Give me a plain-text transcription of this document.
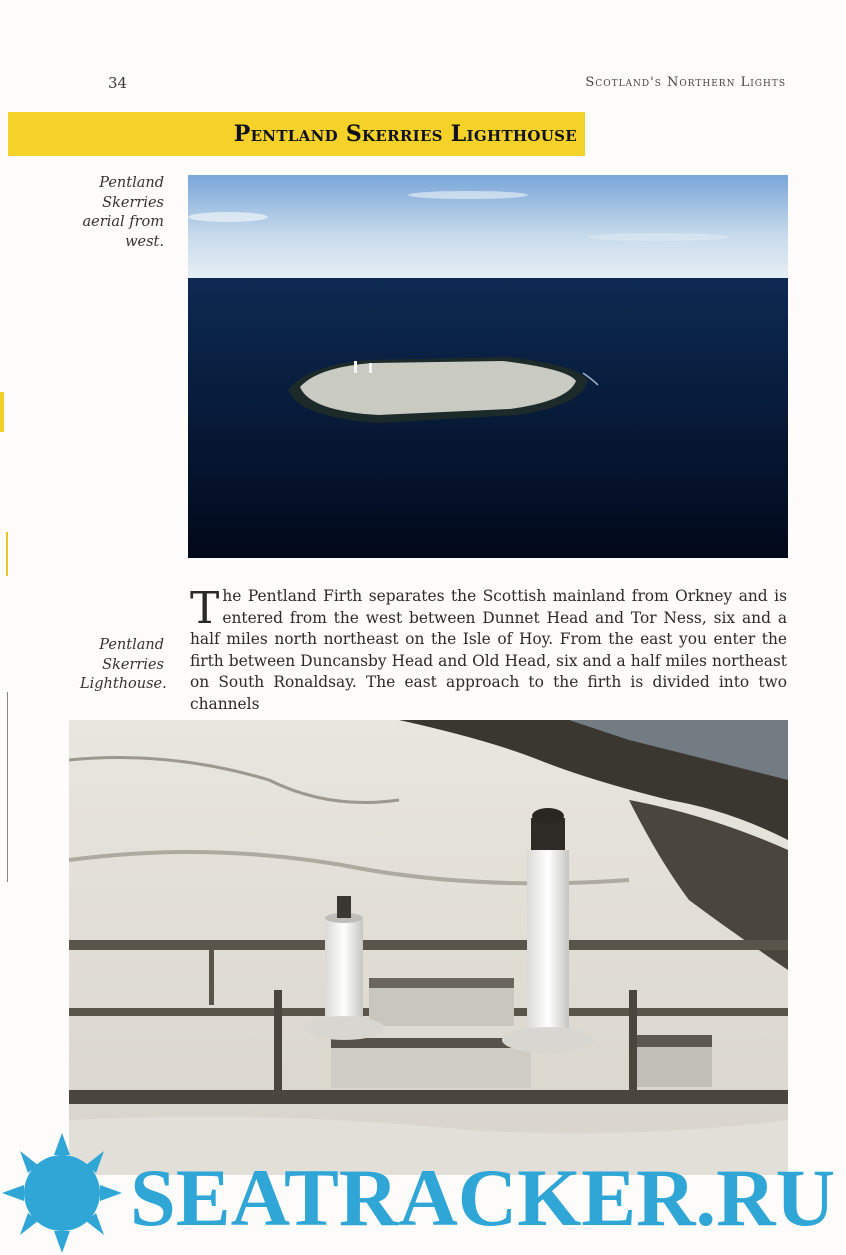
34	Scotland's Northern Lights
Pentland Skerries Lighthouse
Pentland Skerries aerial from west.
The Pentland Firth separates the Scottish mainland from Orkney and is entered from the west between Dunnet Head and Tor Ness, six and a half miles north northeast on the Isle of Hoy. From the east you enter the firth between Duncansby Head and Old Head, six and a half miles northeast on South Ronaldsay. The east approach to the firth is divided into two channels
Pentland Skerries Lighthouse.
SEATRACKER.RU
